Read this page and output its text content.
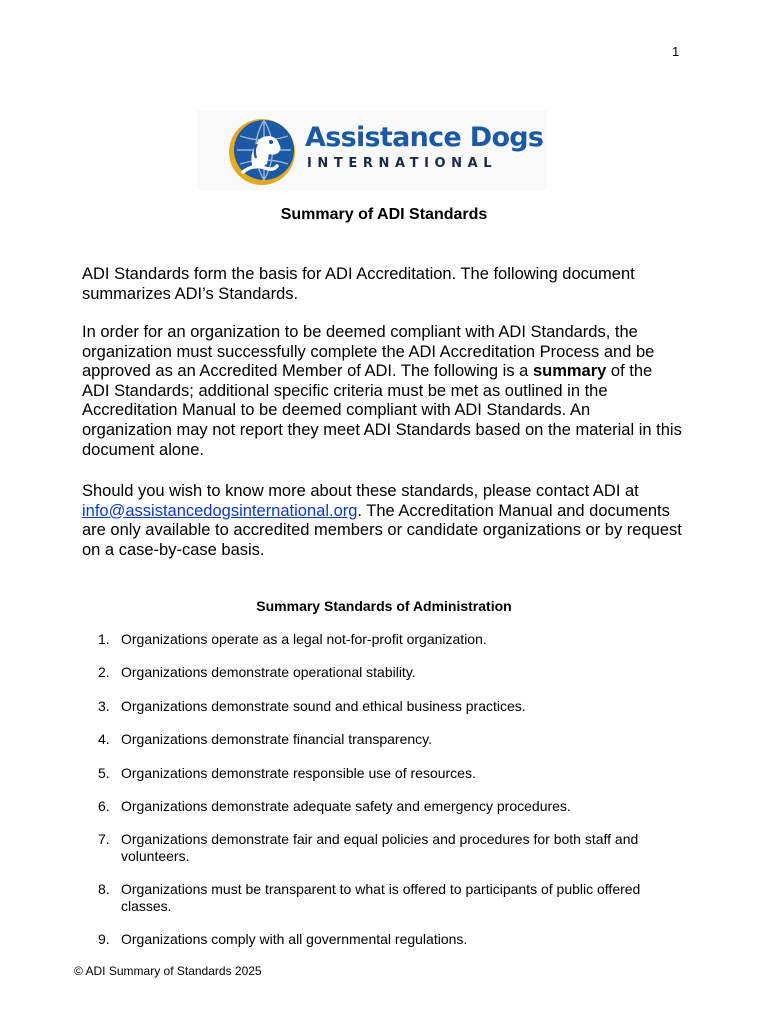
1
Assistance Dogs
INTERNATIONAL
Summary of ADI Standards

ADI Standards form the basis for ADI Accreditation. The following document summarizes ADI’s Standards.

In order for an organization to be deemed compliant with ADI Standards, the organization must successfully complete the ADI Accreditation Process and be approved as an Accredited Member of ADI. The following is a summary of the ADI Standards; additional specific criteria must be met as outlined in the Accreditation Manual to be deemed compliant with ADI Standards. An organization may not report they meet ADI Standards based on the material in this document alone.

Should you wish to know more about these standards, please contact ADI at info@assistancedogsinternational.org. The Accreditation Manual and documents are only available to accredited members or candidate organizations or by request on a case-by-case basis.

Summary Standards of Administration
1. Organizations operate as a legal not-for-profit organization.
2. Organizations demonstrate operational stability.
3. Organizations demonstrate sound and ethical business practices.
4. Organizations demonstrate financial transparency.
5. Organizations demonstrate responsible use of resources.
6. Organizations demonstrate adequate safety and emergency procedures.
7. Organizations demonstrate fair and equal policies and procedures for both staff and volunteers.
8. Organizations must be transparent to what is offered to participants of public offered classes.
9. Organizations comply with all governmental regulations.
© ADI Summary of Standards 2025
